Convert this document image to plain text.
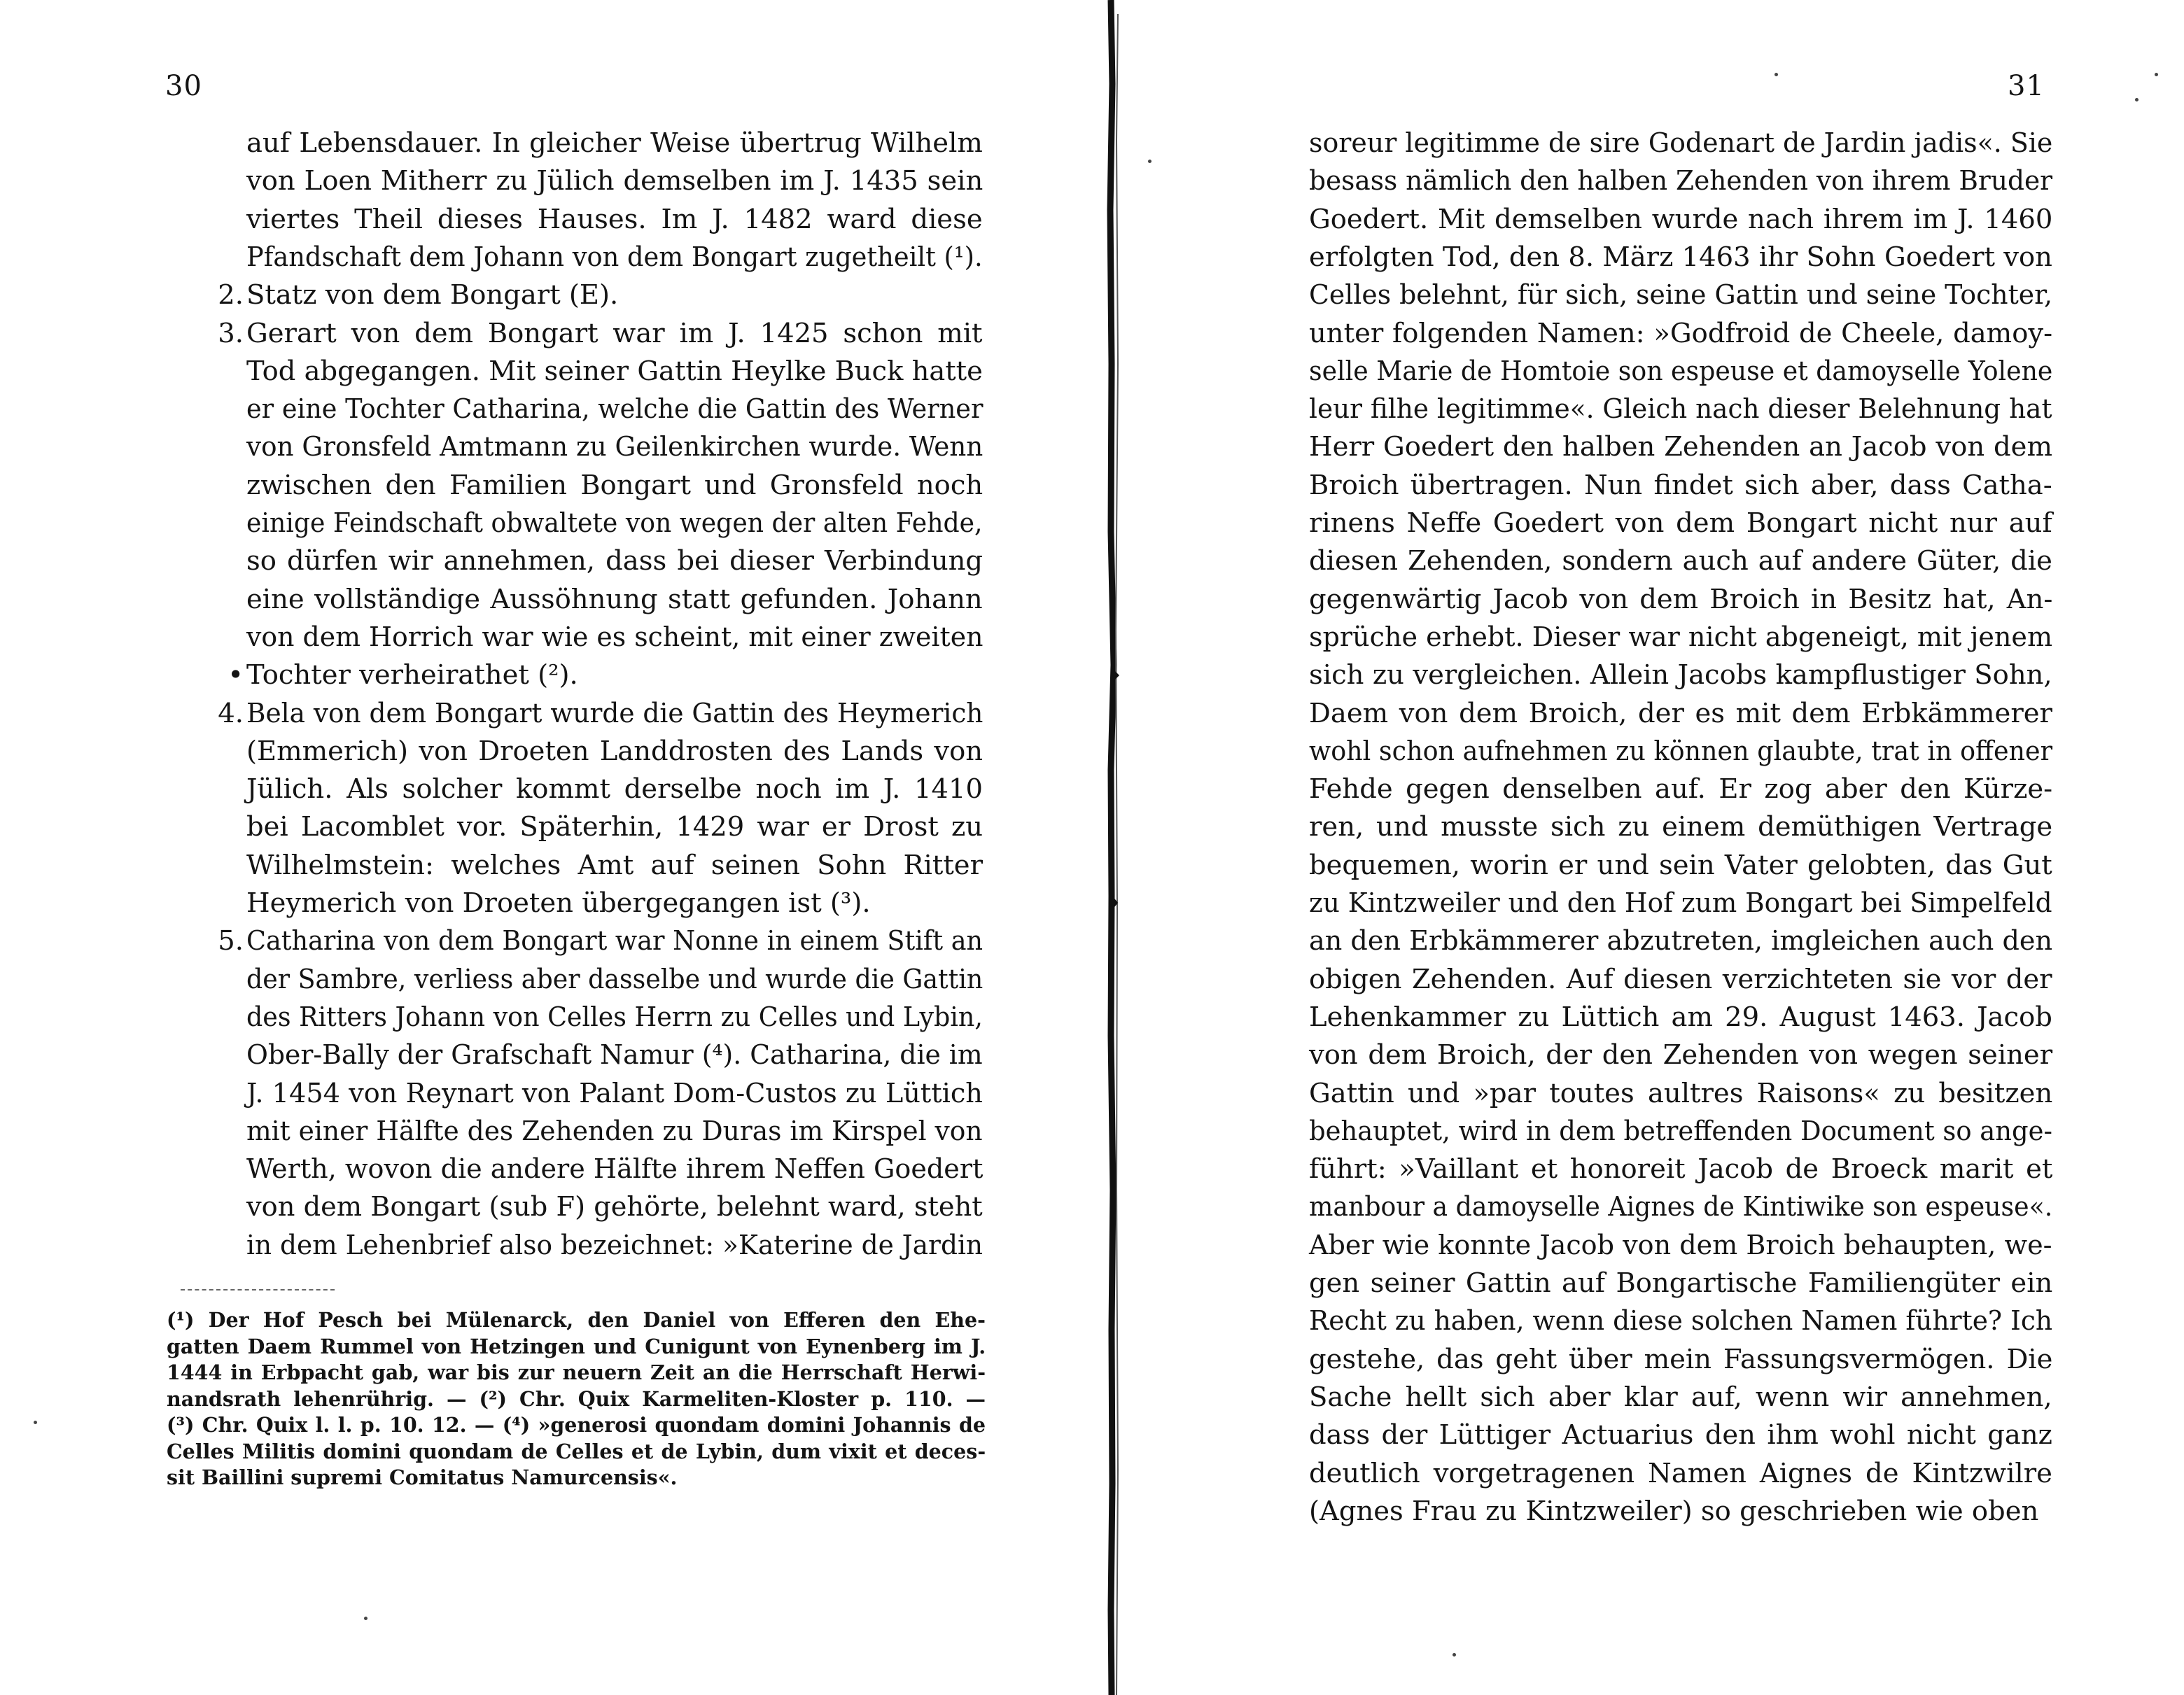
30	31
2.
3.
•
4.
5.
auf Lebensdauer. In gleicher Weise übertrug Wilhelm
von Loen Mitherr zu Jülich demselben im J. 1435 sein
viertes Theil dieses Hauses. Im J. 1482 ward diese
Pfandschaft dem Johann von dem Bongart zugetheilt (¹).
Statz von dem Bongart (E).
Gerart von dem Bongart war im J. 1425 schon mit
Tod abgegangen. Mit seiner Gattin Heylke Buck hatte
er eine Tochter Catharina, welche die Gattin des Werner
von Gronsfeld Amtmann zu Geilenkirchen wurde. Wenn
zwischen den Familien Bongart und Gronsfeld noch
einige Feindschaft obwaltete von wegen der alten Fehde,
so dürfen wir annehmen, dass bei dieser Verbindung
eine vollständige Aussöhnung statt gefunden. Johann
von dem Horrich war wie es scheint, mit einer zweiten
Tochter verheirathet (²).
Bela von dem Bongart wurde die Gattin des Heymerich
(Emmerich) von Droeten Landdrosten des Lands von
Jülich. Als solcher kommt derselbe noch im J. 1410
bei Lacomblet vor. Späterhin, 1429 war er Drost zu
Wilhelmstein: welches Amt auf seinen Sohn Ritter
Heymerich von Droeten übergegangen ist (³).
Catharina von dem Bongart war Nonne in einem Stift an
der Sambre, verliess aber dasselbe und wurde die Gattin
des Ritters Johann von Celles Herrn zu Celles und Lybin,
Ober-Bally der Grafschaft Namur (⁴). Catharina, die im
J. 1454 von Reynart von Palant Dom-Custos zu Lüttich
mit einer Hälfte des Zehenden zu Duras im Kirspel von
Werth, wovon die andere Hälfte ihrem Neffen Goedert
von dem Bongart (sub F) gehörte, belehnt ward, steht
in dem Lehenbrief also bezeichnet: »Katerine de Jardin
(¹) Der Hof Pesch bei Mülenarck, den Daniel von Efferen den Ehe-
gatten Daem Rummel von Hetzingen und Cunigunt von Eynenberg im J.
1444 in Erbpacht gab, war bis zur neuern Zeit an die Herrschaft Herwi-
nandsrath lehenrührig. — (²) Chr. Quix Karmeliten-Kloster p. 110. —
(³) Chr. Quix l. l. p. 10. 12. — (⁴) »generosi quondam domini Johannis de
Celles Militis domini quondam de Celles et de Lybin, dum vixit et deces-
sit Baillini supremi Comitatus Namurcensis«.
soreur legitimme de sire Godenart de Jardin jadis«. Sie
besass nämlich den halben Zehenden von ihrem Bruder
Goedert. Mit demselben wurde nach ihrem im J. 1460
erfolgten Tod, den 8. März 1463 ihr Sohn Goedert von
Celles belehnt, für sich, seine Gattin und seine Tochter,
unter folgenden Namen: »Godfroid de Cheele, damoy-
selle Marie de Homtoie son espeuse et damoyselle Yolene
leur filhe legitimme«. Gleich nach dieser Belehnung hat
Herr Goedert den halben Zehenden an Jacob von dem
Broich übertragen. Nun findet sich aber, dass Catha-
rinens Neffe Goedert von dem Bongart nicht nur auf
diesen Zehenden, sondern auch auf andere Güter, die
gegenwärtig Jacob von dem Broich in Besitz hat, An-
sprüche erhebt. Dieser war nicht abgeneigt, mit jenem
sich zu vergleichen. Allein Jacobs kampflustiger Sohn,
Daem von dem Broich, der es mit dem Erbkämmerer
wohl schon aufnehmen zu können glaubte, trat in offener
Fehde gegen denselben auf. Er zog aber den Kürze-
ren, und musste sich zu einem demüthigen Vertrage
bequemen, worin er und sein Vater gelobten, das Gut
zu Kintzweiler und den Hof zum Bongart bei Simpelfeld
an den Erbkämmerer abzutreten, imgleichen auch den
obigen Zehenden. Auf diesen verzichteten sie vor der
Lehenkammer zu Lüttich am 29. August 1463. Jacob
von dem Broich, der den Zehenden von wegen seiner
Gattin und »par toutes aultres Raisons« zu besitzen
behauptet, wird in dem betreffenden Document so ange-
führt: »Vaillant et honoreit Jacob de Broeck marit et
manbour a damoyselle Aignes de Kintiwike son espeuse«.
Aber wie konnte Jacob von dem Broich behaupten, we-
gen seiner Gattin auf Bongartische Familiengüter ein
Recht zu haben, wenn diese solchen Namen führte? Ich
gestehe, das geht über mein Fassungsvermögen. Die
Sache hellt sich aber klar auf, wenn wir annehmen,
dass der Lüttiger Actuarius den ihm wohl nicht ganz
deutlich vorgetragenen Namen Aignes de Kintzwilre
(Agnes Frau zu Kintzweiler) so geschrieben wie oben
